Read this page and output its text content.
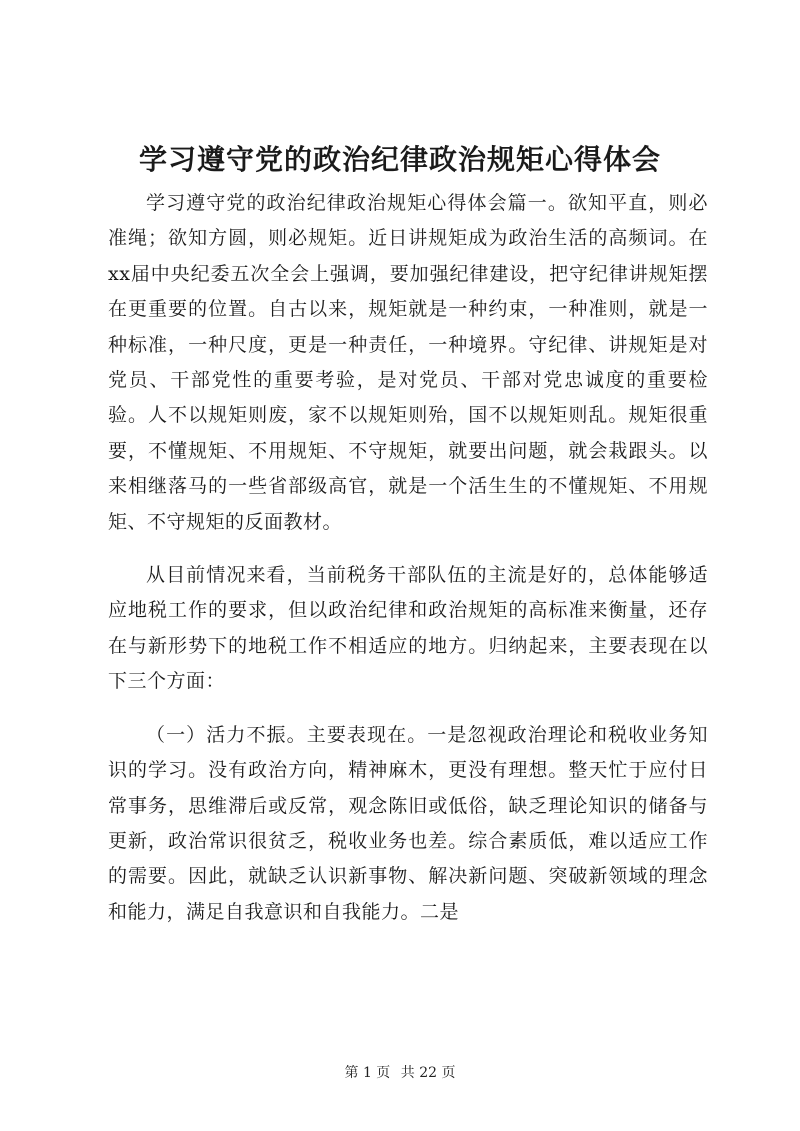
学习遵守党的政治纪律政治规矩心得体会

学习遵守党的政治纪律政治规矩心得体会篇一。欲知平直，则必准绳；欲知方圆，则必规矩。近日讲规矩成为政治生活的高频词。在xx届中央纪委五次全会上强调，要加强纪律建设，把守纪律讲规矩摆在更重要的位置。自古以来，规矩就是一种约束，一种准则，就是一种标准，一种尺度，更是一种责任，一种境界。守纪律、讲规矩是对党员、干部党性的重要考验，是对党员、干部对党忠诚度的重要检验。人不以规矩则废，家不以规矩则殆，国不以规矩则乱。规矩很重要，不懂规矩、不用规矩、不守规矩，就要出问题，就会栽跟头。以来相继落马的一些省部级高官，就是一个活生生的不懂规矩、不用规矩、不守规矩的反面教材。

从目前情况来看，当前税务干部队伍的主流是好的，总体能够适应地税工作的要求，但以政治纪律和政治规矩的高标准来衡量，还存在与新形势下的地税工作不相适应的地方。归纳起来，主要表现在以下三个方面：

（一）活力不振。主要表现在。一是忽视政治理论和税收业务知识的学习。没有政治方向，精神麻木，更没有理想。整天忙于应付日常事务，思维滞后或反常，观念陈旧或低俗，缺乏理论知识的储备与更新，政治常识很贫乏，税收业务也差。综合素质低，难以适应工作的需要。因此，就缺乏认识新事物、解决新问题、突破新领域的理念和能力，满足自我意识和自我能力。二是

第 1 页 共 22 页
